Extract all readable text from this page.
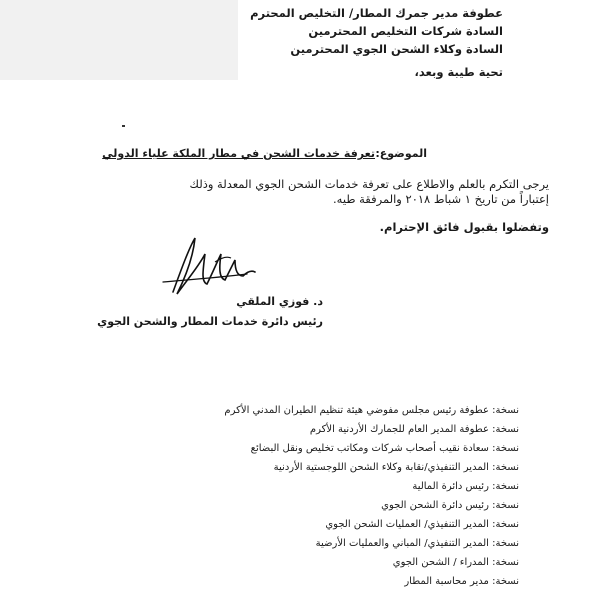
عطوفة مدير جمرك المطار/ التخليص المحترم
السادة شركات التخليص المحترمين
السادة وكلاء الشحن الجوي المحترمين
تحية طيبة وبعد،
الموضوع:
تعرفة خدمات الشحن في مطار الملكة علياء الدولي
يرجى التكرم بالعلم والاطلاع على تعرفة خدمات الشحن الجوي المعدلة وذلك
إعتباراً من تاريخ ١ شباط ٢٠١٨ والمرفقة طيه.
وتفضلوا بقبول فائق الإحترام.
د. فوزي الملقي
رئيس دائرة خدمات المطار والشحن الجوي
نسخة: عطوفة رئيس مجلس مفوضي هيئة تنظيم الطيران المدني الأكرم
نسخة: عطوفة المدير العام للجمارك الأردنية الأكرم
نسخة: سعادة نقيب أصحاب شركات ومكاتب تخليص ونقل البضائع
نسخة: المدير التنفيذي/نقابة وكلاء الشحن اللوجستية الأردنية
نسخة: رئيس دائرة المالية
نسخة: رئيس دائرة الشحن الجوي
نسخة: المدير التنفيذي/ العمليات الشحن الجوي
نسخة: المدير التنفيذي/ المباني والعمليات الأرضية
نسخة: المدراء / الشحن الجوي
نسخة: مدير محاسبة المطار
